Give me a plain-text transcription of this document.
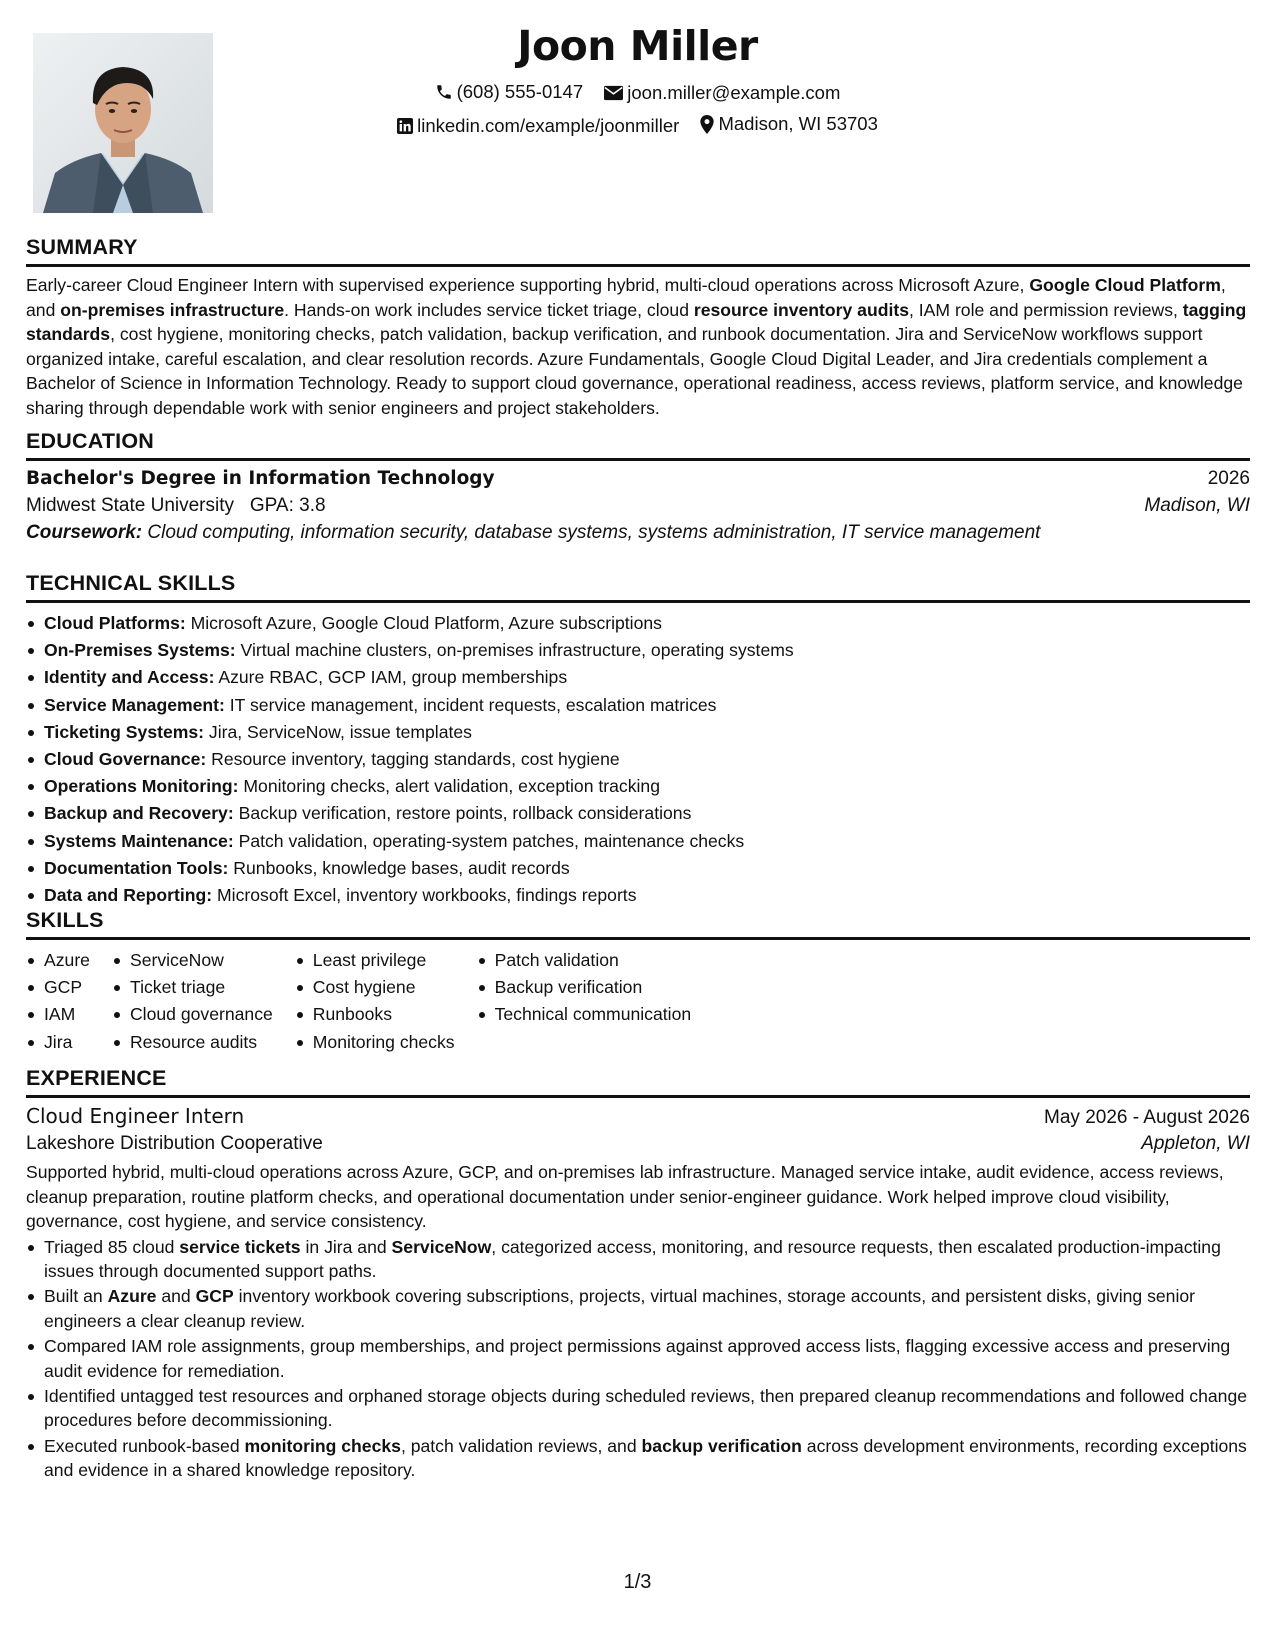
Joon Miller
(608) 555-0147
joon.miller@example.com
linkedin.com/example/joonmiller
Madison, WI 53703
SUMMARY

Early-career Cloud Engineer Intern with supervised experience supporting hybrid, multi-cloud operations across Microsoft Azure, Google Cloud Platform, and on-premises infrastructure. Hands-on work includes service ticket triage, cloud resource inventory audits, IAM role and permission reviews, tagging standards, cost hygiene, monitoring checks, patch validation, backup verification, and runbook documentation. Jira and ServiceNow workflows support organized intake, careful escalation, and clear resolution records. Azure Fundamentals, Google Cloud Digital Leader, and Jira credentials complement a Bachelor of Science in Information Technology. Ready to support cloud governance, operational readiness, access reviews, platform service, and knowledge sharing through dependable work with senior engineers and project stakeholders.

EDUCATION
Bachelor's Degree in Information Technology	2026
Midwest State University GPA: 3.8	Madison, WI
Coursework: Cloud computing, information security, database systems, systems administration, IT service management
TECHNICAL SKILLS
Cloud Platforms: Microsoft Azure, Google Cloud Platform, Azure subscriptions
On-Premises Systems: Virtual machine clusters, on-premises infrastructure, operating systems
Identity and Access: Azure RBAC, GCP IAM, group memberships
Service Management: IT service management, incident requests, escalation matrices
Ticketing Systems: Jira, ServiceNow, issue templates
Cloud Governance: Resource inventory, tagging standards, cost hygiene
Operations Monitoring: Monitoring checks, alert validation, exception tracking
Backup and Recovery: Backup verification, restore points, rollback considerations
Systems Maintenance: Patch validation, operating-system patches, maintenance checks
Documentation Tools: Runbooks, knowledge bases, audit records
Data and Reporting: Microsoft Excel, inventory workbooks, findings reports
SKILLS
Azure
GCP
IAM
Jira
ServiceNow
Ticket triage
Cloud governance
Resource audits
Least privilege
Cost hygiene
Runbooks
Monitoring checks
Patch validation
Backup verification
Technical communication
EXPERIENCE
Cloud Engineer Intern	May 2026 - August 2026
Lakeshore Distribution Cooperative	Appleton, WI

Supported hybrid, multi-cloud operations across Azure, GCP, and on-premises lab infrastructure. Managed service intake, audit evidence, access reviews, cleanup preparation, routine platform checks, and operational documentation under senior-engineer guidance. Work helped improve cloud visibility, governance, cost hygiene, and service consistency.

Triaged 85 cloud service tickets in Jira and ServiceNow, categorized access, monitoring, and resource requests, then escalated production-impacting issues through documented support paths.
Built an Azure and GCP inventory workbook covering subscriptions, projects, virtual machines, storage accounts, and persistent disks, giving senior engineers a clear cleanup review.
Compared IAM role assignments, group memberships, and project permissions against approved access lists, flagging excessive access and preserving audit evidence for remediation.
Identified untagged test resources and orphaned storage objects during scheduled reviews, then prepared cleanup recommendations and followed change procedures before decommissioning.
Executed runbook-based monitoring checks, patch validation reviews, and backup verification across development environments, recording exceptions and evidence in a shared knowledge repository.
1/3
